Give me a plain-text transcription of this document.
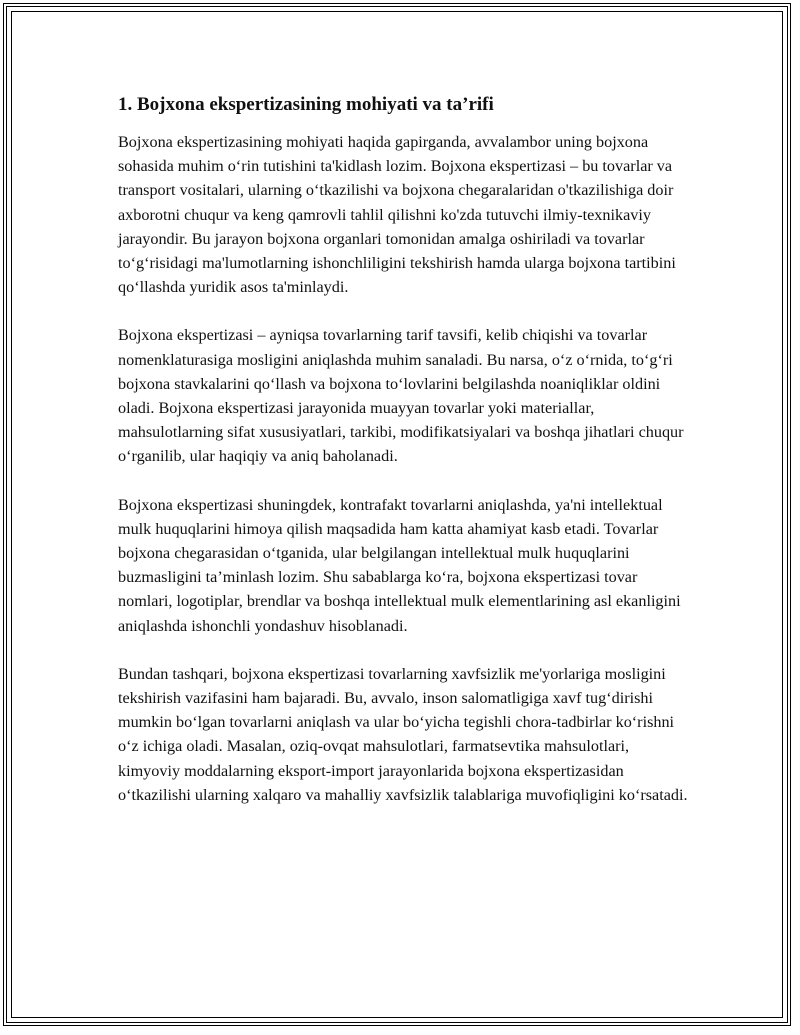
1. Bojxona ekspertizasining mohiyati va ta’rifi

Bojxona ekspertizasining mohiyati haqida gapirganda, avvalambor uning bojxona sohasida muhim o‘rin tutishini ta'kidlash lozim. Bojxona ekspertizasi – bu tovarlar va transport vositalari, ularning o‘tkazilishi va bojxona chegaralaridan o'tkazilishiga doir axborotni chuqur va keng qamrovli tahlil qilishni ko'zda tutuvchi ilmiy-texnikaviy jarayondir. Bu jarayon bojxona organlari tomonidan amalga oshiriladi va tovarlar to‘g‘risidagi ma'lumotlarning ishonchliligini tekshirish hamda ularga bojxona tartibini qo‘llashda yuridik asos ta'minlaydi.

Bojxona ekspertizasi – ayniqsa tovarlarning tarif tavsifi, kelib chiqishi va tovarlar nomenklaturasiga mosligini aniqlashda muhim sanaladi. Bu narsa, o‘z o‘rnida, to‘g‘ri bojxona stavkalarini qo‘llash va bojxona to‘lovlarini belgilashda noaniqliklar oldini oladi. Bojxona ekspertizasi jarayonida muayyan tovarlar yoki materiallar, mahsulotlarning sifat xususiyatlari, tarkibi, modifikatsiyalari va boshqa jihatlari chuqur o‘rganilib, ular haqiqiy va aniq baholanadi.

Bojxona ekspertizasi shuningdek, kontrafakt tovarlarni aniqlashda, ya'ni intellektual mulk huquqlarini himoya qilish maqsadida ham katta ahamiyat kasb etadi. Tovarlar bojxona chegarasidan o‘tganida, ular belgilangan intellektual mulk huquqlarini buzmasligini ta’minlash lozim. Shu sabablarga ko‘ra, bojxona ekspertizasi tovar nomlari, logotiplar, brendlar va boshqa intellektual mulk elementlarining asl ekanligini aniqlashda ishonchli yondashuv hisoblanadi.

Bundan tashqari, bojxona ekspertizasi tovarlarning xavfsizlik me'yorlariga mosligini tekshirish vazifasini ham bajaradi. Bu, avvalo, inson salomatligiga xavf tug‘dirishi mumkin bo‘lgan tovarlarni aniqlash va ular bo‘yicha tegishli chora-tadbirlar ko‘rishni o‘z ichiga oladi. Masalan, oziq-ovqat mahsulotlari, farmatsevtika mahsulotlari, kimyoviy moddalarning eksport-import jarayonlarida bojxona ekspertizasidan o‘tkazilishi ularning xalqaro va mahalliy xavfsizlik talablariga muvofiqligini ko‘rsatadi.
